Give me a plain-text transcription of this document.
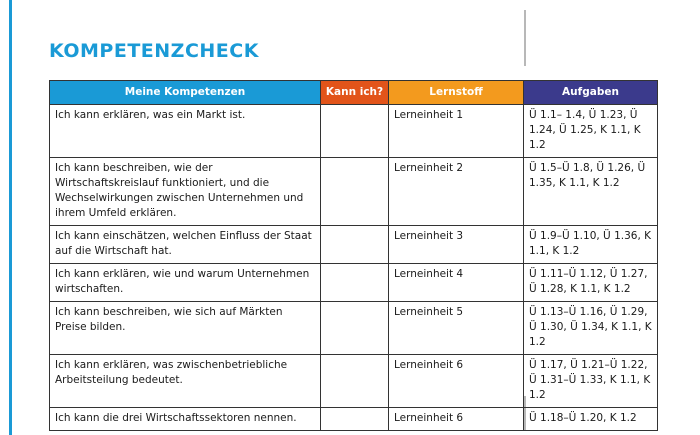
KOMPETENZCHECK
Meine Kompetenzen	Kann ich?	Lernstoff	Aufgaben
Ich kann erklären, was ein Markt ist.		Lerneinheit 1	Ü 1.1– 1.4, Ü 1.23, Ü 1.24, Ü 1.25, K 1.1, K 1.2
Ich kann beschreiben, wie der Wirtschaftskreislauf funktioniert, und die Wechselwirkungen zwischen Unternehmen und ihrem Umfeld erklären.		Lerneinheit 2	Ü 1.5–Ü 1.8, Ü 1.26, Ü 1.35, K 1.1, K 1.2
Ich kann einschätzen, welchen Einfluss der Staat auf die Wirtschaft hat.		Lerneinheit 3	Ü 1.9–Ü 1.10, Ü 1.36, K 1.1, K 1.2
Ich kann erklären, wie und warum Unternehmen wirtschaften.		Lerneinheit 4	Ü 1.11–Ü 1.12, Ü 1.27, Ü 1.28, K 1.1, K 1.2
Ich kann beschreiben, wie sich auf Märkten Preise bilden.		Lerneinheit 5	Ü 1.13–Ü 1.16, Ü 1.29, Ü 1.30, Ü 1.34, K 1.1, K 1.2
Ich kann erklären, was zwischenbetriebliche Arbeitsteilung bedeutet.		Lerneinheit 6	Ü 1.17, Ü 1.21–Ü 1.22, Ü 1.31–Ü 1.33, K 1.1, K 1.2
Ich kann die drei Wirtschaftssektoren nennen.		Lerneinheit 6	Ü 1.18–Ü 1.20, K 1.2
